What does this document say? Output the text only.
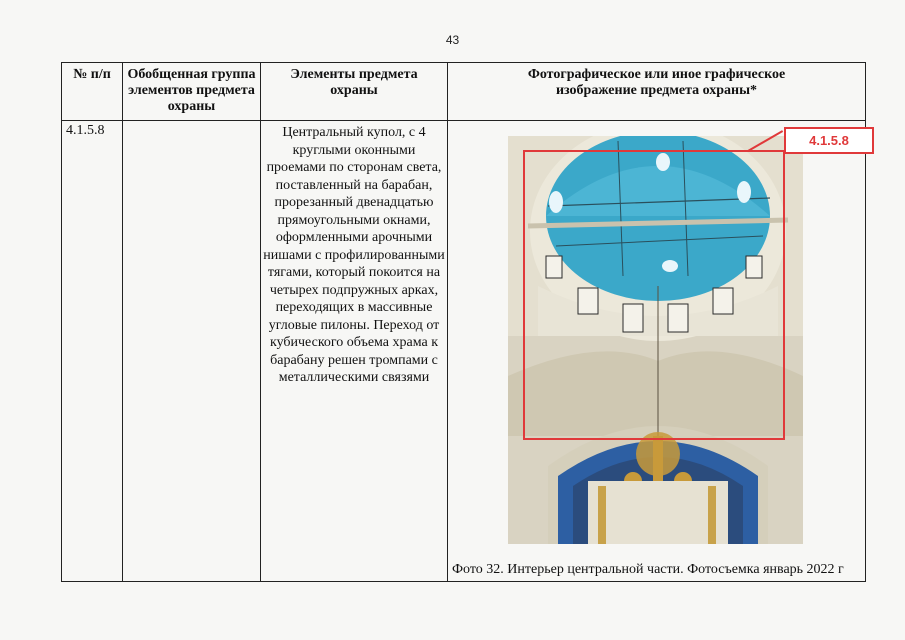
43
№ п/п	Обобщенная группа элементов предмета охраны	Элементы предмета охраны	Фотографическое или иное графическое изображение предмета охраны*
4.1.5.8		Центральный купол, с 4 круглыми оконными проемами по сторонам света, поставленный на барабан, прорезанный двенадцатью прямоугольными окнами, оформленными арочными нишами с профилированными тягами, который покоится на четырех подпружных арках, переходящих в массивные угловые пилоны. Переход от кубического объема храма к барабану решен тромпами с металлическими связями	4.1.5.8
Фото 32. Интерьер центральной части. Фотосъемка январь 2022 г
